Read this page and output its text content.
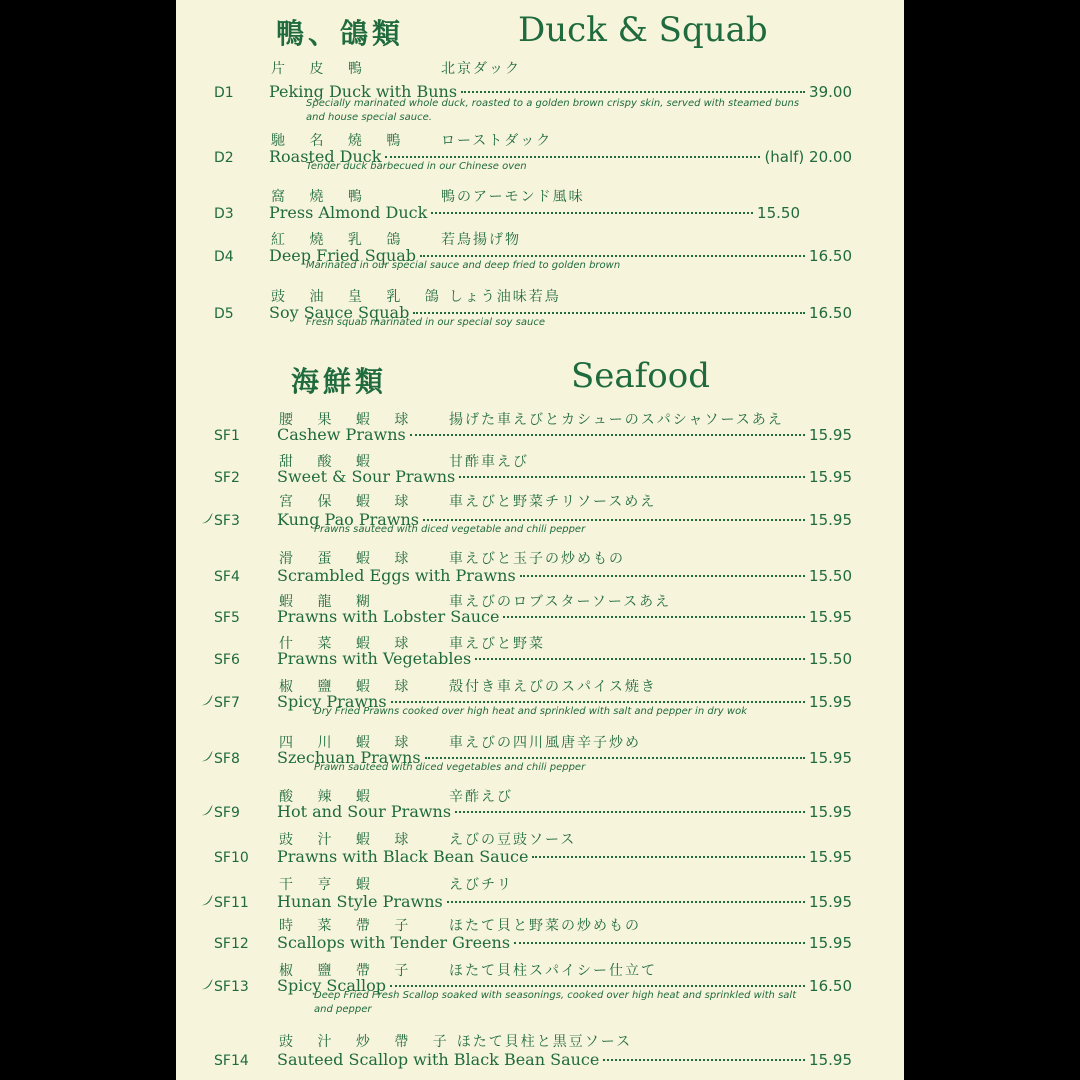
鴨、鴿類	Duck & Squab
海鮮類	Seafood
片 皮 鴨	北京ダック
D1	Peking Duck with Buns	39.00
Specially marinated whole duck, roasted to a golden brown crispy skin, served with steamed buns and house special sauce.
馳 名 燒 鴨 ローストダック
D2	Roasted Duck	(half) 20.00
Tender duck barbecued in our Chinese oven
窩 燒 鴨	鴨のアーモンド風味
D3	Press Almond Duck	15.50
紅 燒 乳 鴿 若鳥揚げ物
D4	Deep Fried Squab	16.50
Marinated in our special sauce and deep fried to golden brown
豉 油 皇 乳 鴿しょう油味若鳥
D5	Soy Sauce Squab	16.50
Fresh squab marinated in our special soy sauce
腰 果 蝦 球 揚げた車えびとカシューのスパシャソースあえ
SF1	Cashew Prawns	15.95
甜 酸 蝦	甘酢車えび
SF2	Sweet & Sour Prawns	15.95
宮 保 蝦 球 車えびと野菜チリソースめえ
SF3	Kung Pao Prawns	15.95
Prawns sauteed with diced vegetable and chili pepper
滑 蛋 蝦 球 車えびと玉子の炒めもの
SF4	Scrambled Eggs with Prawns	15.50
蝦 龍 糊	車えびのロブスターソースあえ
SF5	Prawns with Lobster Sauce	15.95
什 菜 蝦 球 車えびと野菜
SF6	Prawns with Vegetables	15.50
椒 鹽 蝦 球 殻付き車えびのスパイス焼き
SF7	Spicy Prawns	15.95
Dry Fried Prawns cooked over high heat and sprinkled with salt and pepper in dry wok
四 川 蝦 球 車えびの四川風唐辛子炒め
SF8	Szechuan Prawns	15.95
Prawn sauteed with diced vegetables and chili pepper
酸 辣 蝦	辛酢えび
SF9	Hot and Sour Prawns	15.95
豉 汁 蝦 球 えびの豆豉ソース
SF10	Prawns with Black Bean Sauce	15.95
干 亨 蝦	えびチリ
SF11	Hunan Style Prawns	15.95
時 菜 帶 子 ほたて貝と野菜の炒めもの
SF12	Scallops with Tender Greens	15.95
椒 鹽 帶 子 ほたて貝柱スパイシー仕立て
SF13	Spicy Scallop	16.50
Deep Fried Fresh Scallop soaked with seasonings, cooked over high heat and sprinkled with salt and pepper
豉 汁 炒 帶 子ほたて貝柱と黒豆ソース
SF14	Sauteed Scallop with Black Bean Sauce	15.95
